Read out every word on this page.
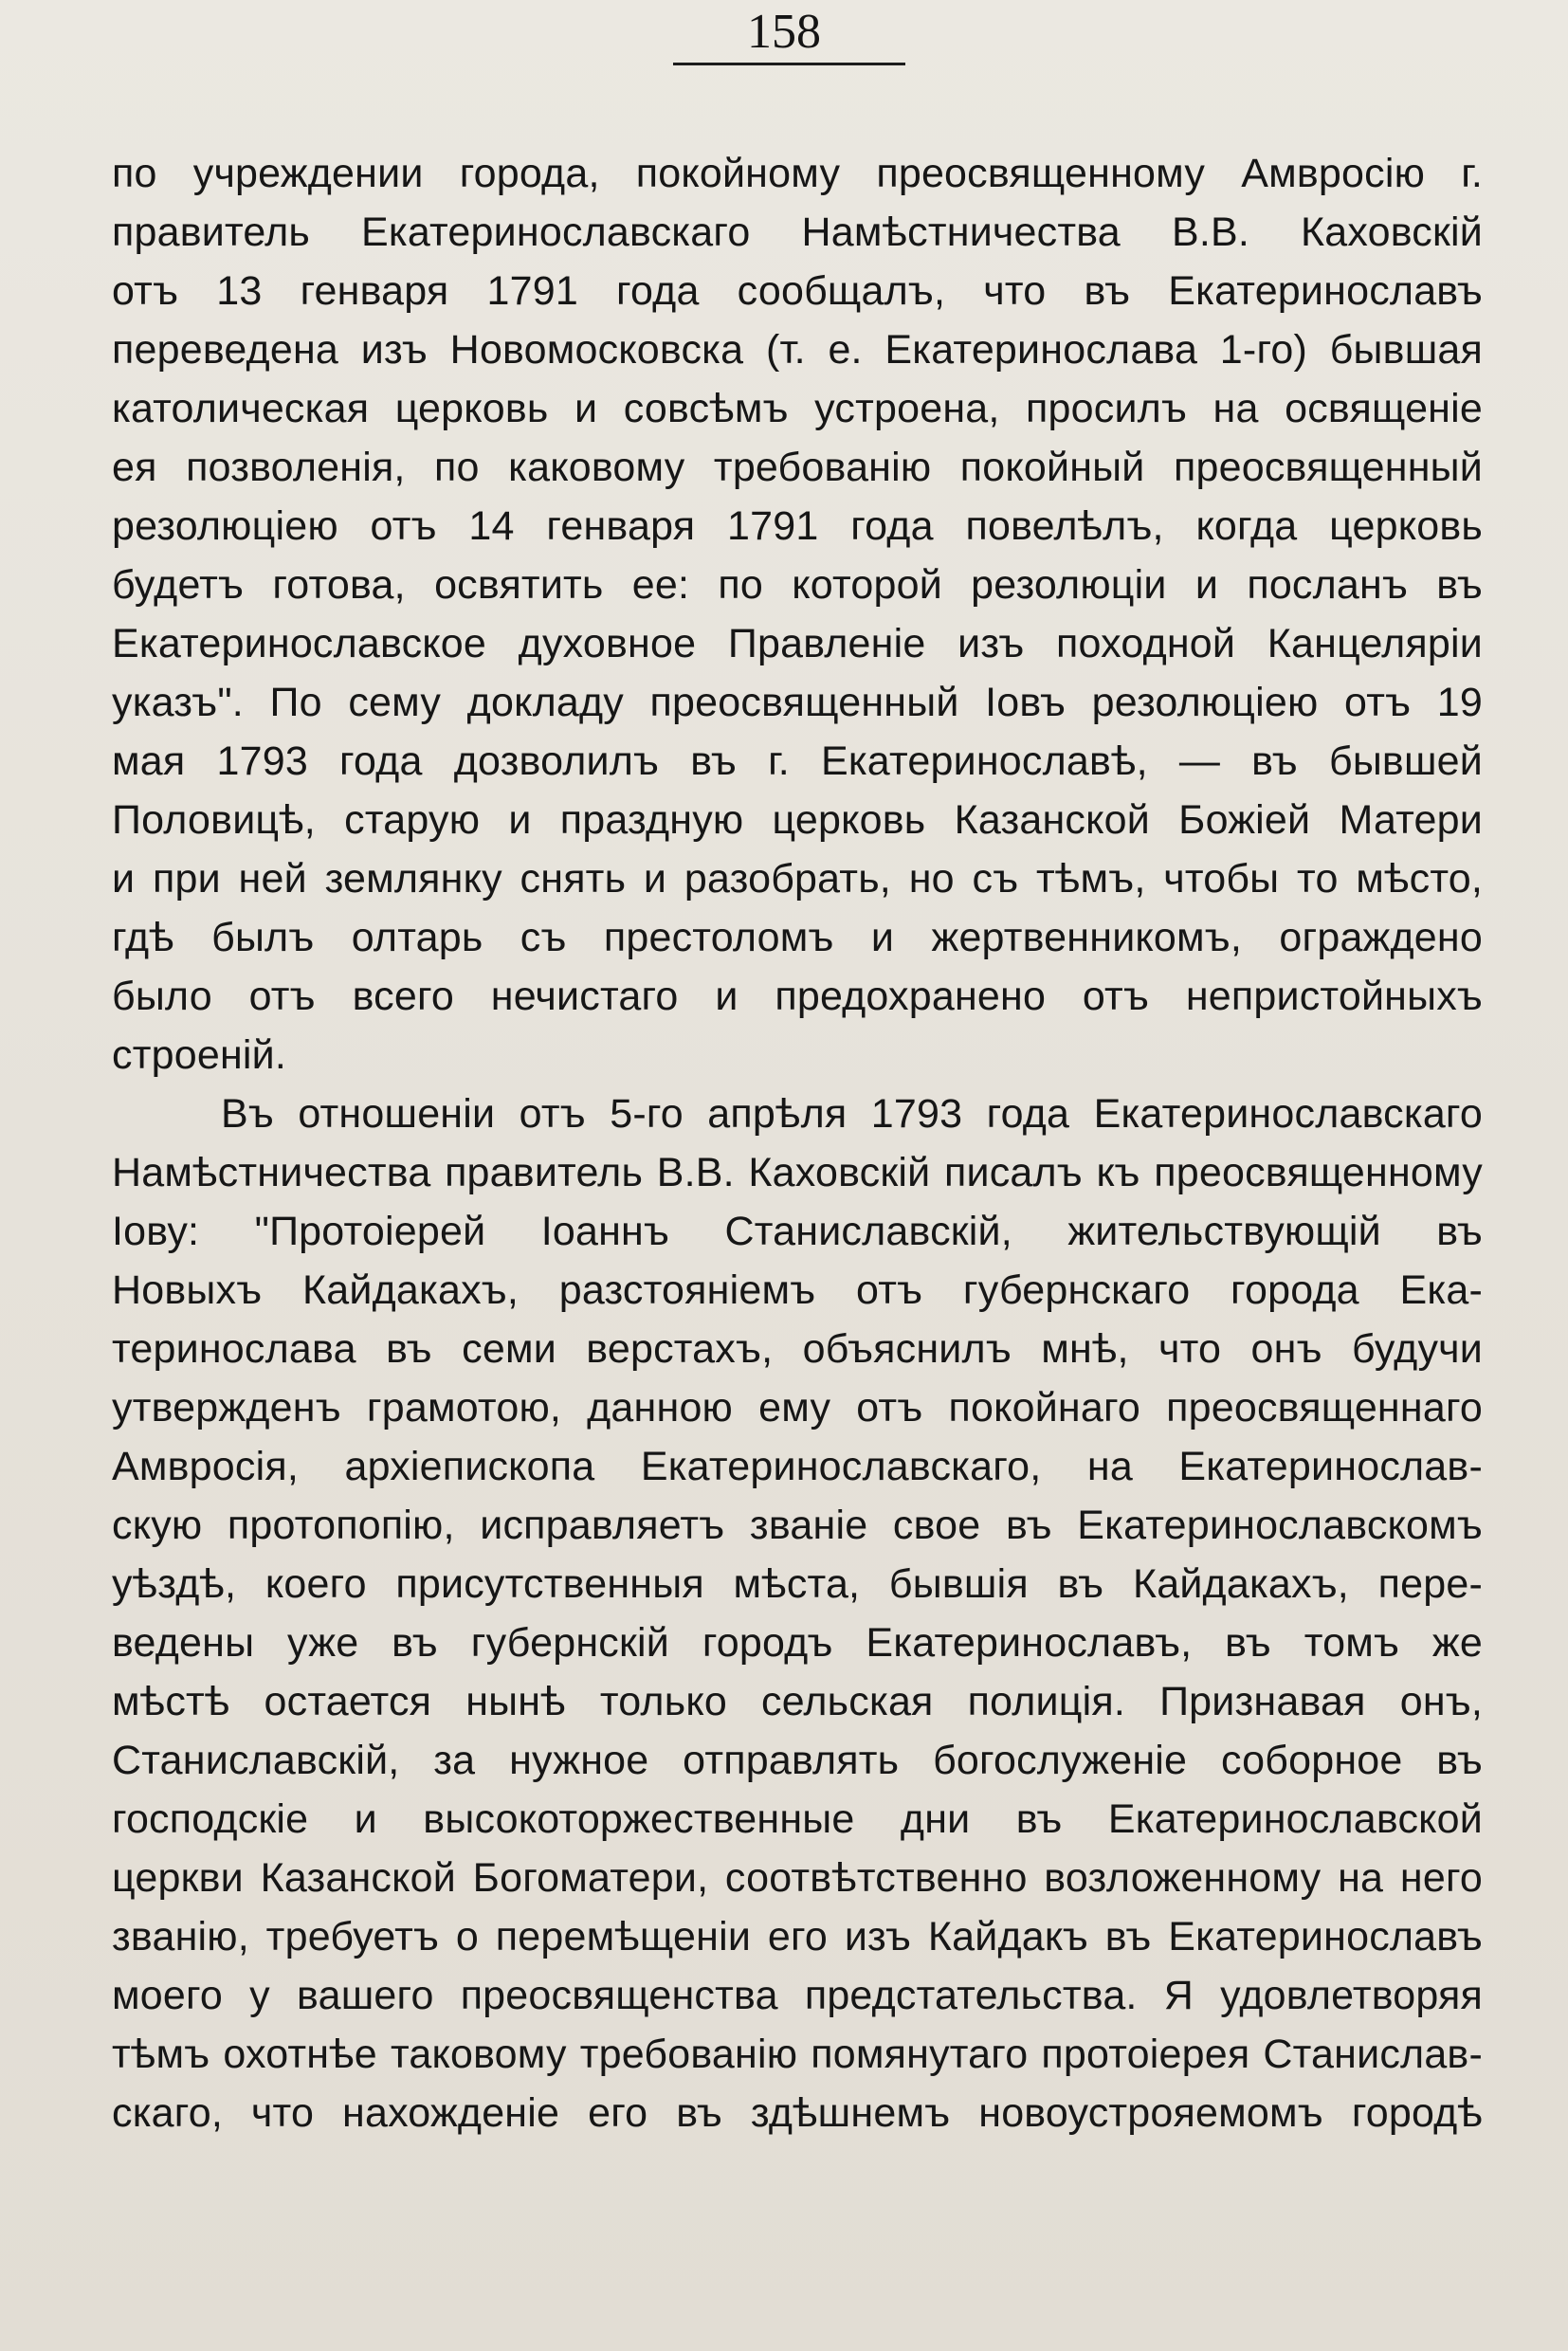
158
по учреждении города, покойному преосвященному Амвросію г.
правитель Екатеринославскаго Намѣстничества В.В. Каховскій
отъ 13 генваря 1791 года сообщалъ, что въ Екатеринославъ
переведена изъ Новомосковска (т. е. Екатеринослава 1-го) бывшая
католическая церковь и совсѣмъ устроена, просилъ на освященіе
ея позволенія, по каковому требованію покойный преосвященный
резолюціею отъ 14 генваря 1791 года повелѣлъ, когда церковь
будетъ готова, освятить ее: по которой резолюціи и посланъ въ
Екатеринославское духовное Правленіе изъ походной Канцеляріи
указъ". По сему докладу преосвященный Іовъ резолюціею отъ 19
мая 1793 года дозволилъ въ г. Екатеринославѣ, — въ бывшей
Половицѣ, старую и праздную церковь Казанской Божіей Матери
и при ней землянку снять и разобрать, но съ тѣмъ, чтобы то мѣсто,
гдѣ былъ олтарь съ престоломъ и жертвенникомъ, ограждено
было отъ всего нечистаго и предохранено отъ непристойныхъ
строеній.
Въ отношеніи отъ 5-го апрѣля 1793 года Екатеринославскаго
Намѣстничества правитель В.В. Каховскій писалъ къ преосвященному
Іову: "Протоіерей Іоаннъ Станиславскій, жительствующій въ
Новыхъ Кайдакахъ, разстояніемъ отъ губернскаго города Ека-
теринослава въ семи верстахъ, объяснилъ мнѣ, что онъ будучи
утвержденъ грамотою, данною ему отъ покойнаго преосвященнаго
Амвросія, архіепископа Екатеринославскаго, на Екатеринослав-
скую протопопію, исправляетъ званіе свое въ Екатеринославскомъ
уѣздѣ, коего присутственныя мѣста, бывшія въ Кайдакахъ, пере-
ведены уже въ губернскій городъ Екатеринославъ, въ томъ же
мѣстѣ остается нынѣ только сельская полиція. Признавая онъ,
Станиславскій, за нужное отправлять богослуженіе соборное въ
господскіе и высокоторжественные дни въ Екатеринославской
церкви Казанской Богоматери, соотвѣтственно возложенному на него
званію, требуетъ о перемѣщеніи его изъ Кайдакъ въ Екатеринославъ
моего у вашего преосвященства предстательства. Я удовлетворяя
тѣмъ охотнѣе таковому требованію помянутаго протоіерея Станислав-
скаго, что нахожденіе его въ здѣшнемъ новоустрояемомъ городѣ
